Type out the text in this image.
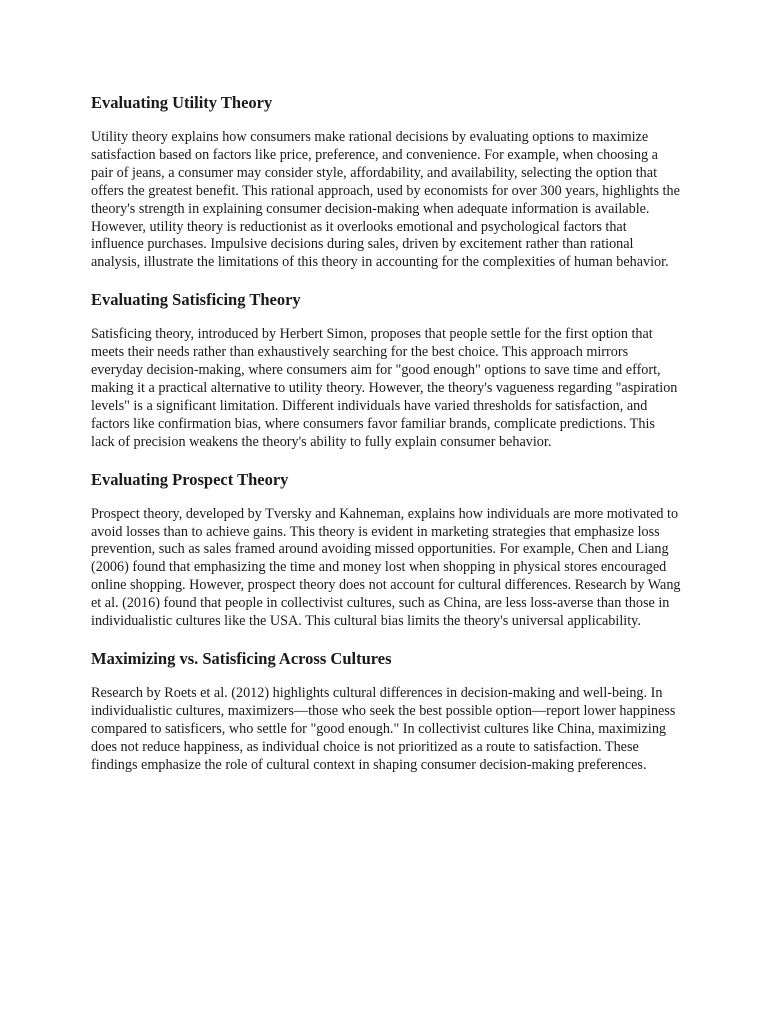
Evaluating Utility Theory

Utility theory explains how consumers make rational decisions by evaluating options to maximize satisfaction based on factors like price, preference, and convenience. For example, when choosing a pair of jeans, a consumer may consider style, affordability, and availability, selecting the option that offers the greatest benefit. This rational approach, used by economists for over 300 years, highlights the theory's strength in explaining consumer decision-making when adequate information is available. However, utility theory is reductionist as it overlooks emotional and psychological factors that influence purchases. Impulsive decisions during sales, driven by excitement rather than rational analysis, illustrate the limitations of this theory in accounting for the complexities of human behavior.

Evaluating Satisficing Theory

Satisficing theory, introduced by Herbert Simon, proposes that people settle for the first option that meets their needs rather than exhaustively searching for the best choice. This approach mirrors everyday decision-making, where consumers aim for "good enough" options to save time and effort, making it a practical alternative to utility theory. However, the theory's vagueness regarding "aspiration levels" is a significant limitation. Different individuals have varied thresholds for satisfaction, and factors like confirmation bias, where consumers favor familiar brands, complicate predictions. This lack of precision weakens the theory's ability to fully explain consumer behavior.

Evaluating Prospect Theory

Prospect theory, developed by Tversky and Kahneman, explains how individuals are more motivated to avoid losses than to achieve gains. This theory is evident in marketing strategies that emphasize loss prevention, such as sales framed around avoiding missed opportunities. For example, Chen and Liang (2006) found that emphasizing the time and money lost when shopping in physical stores encouraged online shopping. However, prospect theory does not account for cultural differences. Research by Wang et al. (2016) found that people in collectivist cultures, such as China, are less loss-averse than those in individualistic cultures like the USA. This cultural bias limits the theory's universal applicability.

Maximizing vs. Satisficing Across Cultures

Research by Roets et al. (2012) highlights cultural differences in decision-making and well-being. In individualistic cultures, maximizers—those who seek the best possible option—report lower happiness compared to satisficers, who settle for "good enough." In collectivist cultures like China, maximizing does not reduce happiness, as individual choice is not prioritized as a route to satisfaction. These findings emphasize the role of cultural context in shaping consumer decision-making preferences.
